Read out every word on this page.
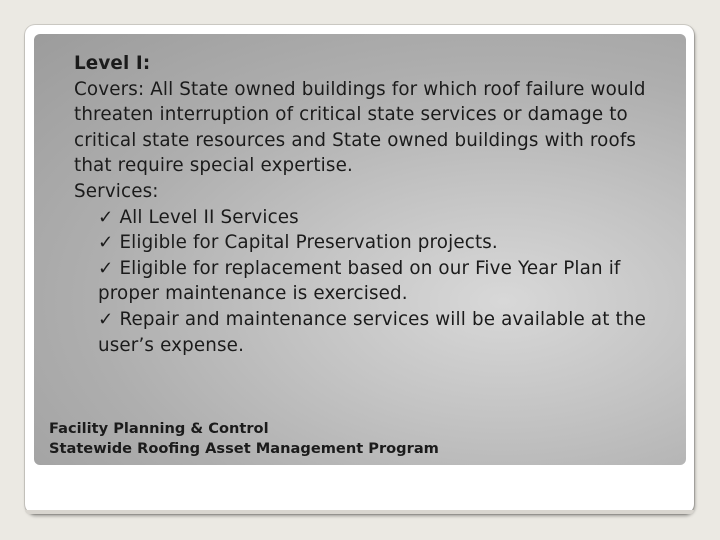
Level I:
Covers: All State owned buildings for which roof failure would threaten interruption of critical state services or damage to critical state resources and State owned buildings with roofs that require special expertise.
Services:
✓ All Level II Services
✓ Eligible for Capital Preservation projects.
✓ Eligible for replacement based on our Five Year Plan if proper maintenance is exercised.
✓ Repair and maintenance services will be available at the user’s expense.
Facility Planning & Control
Statewide Roofing Asset Management Program
